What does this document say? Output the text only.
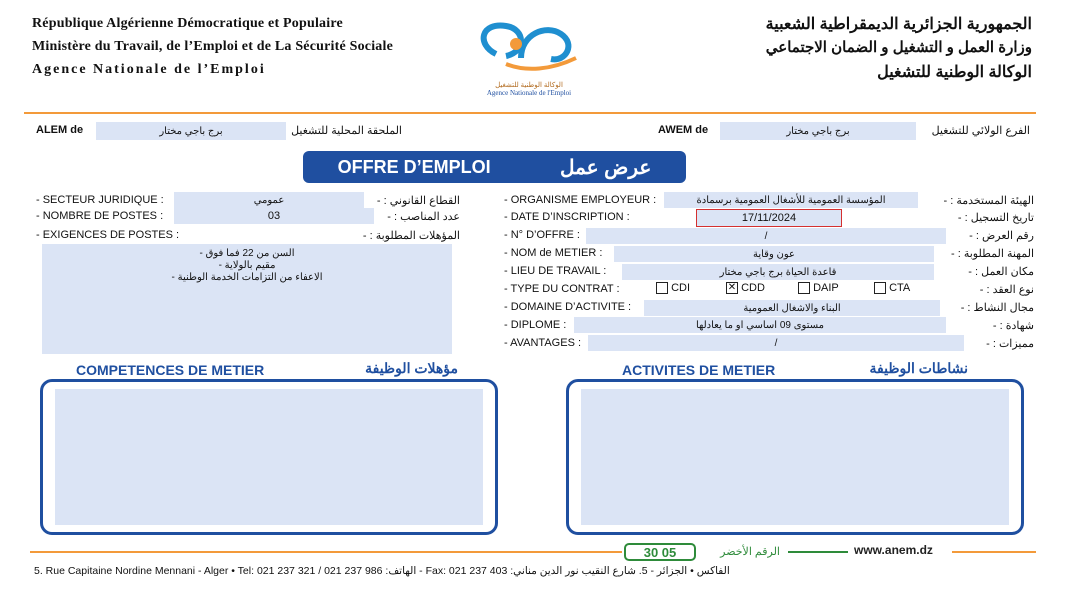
République Algérienne Démocratique et Populaire
Ministère du Travail, de l’Emploi et de La Sécurité Sociale
Agence Nationale de l’Emploi
الوكالة الوطنية للتشغيل
Agence Nationale de l'Emploi
الجمهورية الجزائرية الديمقراطية الشعبية
وزارة العمل و التشغيل و الضمان الاجتماعي
الوكالة الوطنية للتشغيل
ALEM de	برج باجي مختار	الملحقة المحلية للتشغيل	AWEM de	برج باجي مختار	الفرع الولائي للتشغيل
OFFRE D’EMPLOI	عرض عمل
- SECTEUR JURIDIQUE :	عمومي	القطاع القانوني : -
- NOMBRE DE POSTES :	03	عدد المناصب : -
- EXIGENCES DE POSTES :	المؤهلات المطلوبة : -
السن من 22 فما فوق -
مقيم بالولاية -
الاعفاء من التزامات الخدمة الوطنية -
- ORGANISME EMPLOYEUR :	المؤسسة العمومية للأشغال العمومية برسمادة	الهيئة المستخدمة : -
- DATE D’INSCRIPTION :	17/11/2024	تاريخ التسجيل : -
- N° D’OFFRE :	/	رقم العرض : -
- NOM de METIER :	عون وقاية	المهنة المطلوبة : -
- LIEU DE TRAVAIL :	قاعدة الحياة برج باجي مختار	مكان العمل : -
- TYPE DU CONTRAT :	CDI	✕ CDD	DAIP	CTA	نوع العقد : -
- DOMAINE D’ACTIVITE :	البناء والاشغال العمومية	مجال النشاط : -
- DIPLOME :	مستوى 09 اساسي او ما يعادلها	شهادة : -
- AVANTAGES :	/	مميزات : -
COMPETENCES DE METIER	مؤهلات الوظيفة	ACTIVITES DE METIER	نشاطات الوظيفة
30 05	الرقم الأخضر	www.anem.dz
5. Rue Capitaine Nordine Mennani - Alger • Tel: 021 237 321 / 021 237 986 :الهاتف - Fax: 021 237 403 :الفاكس • الجزائر - 5. شارع النقيب نور الدين مناني
